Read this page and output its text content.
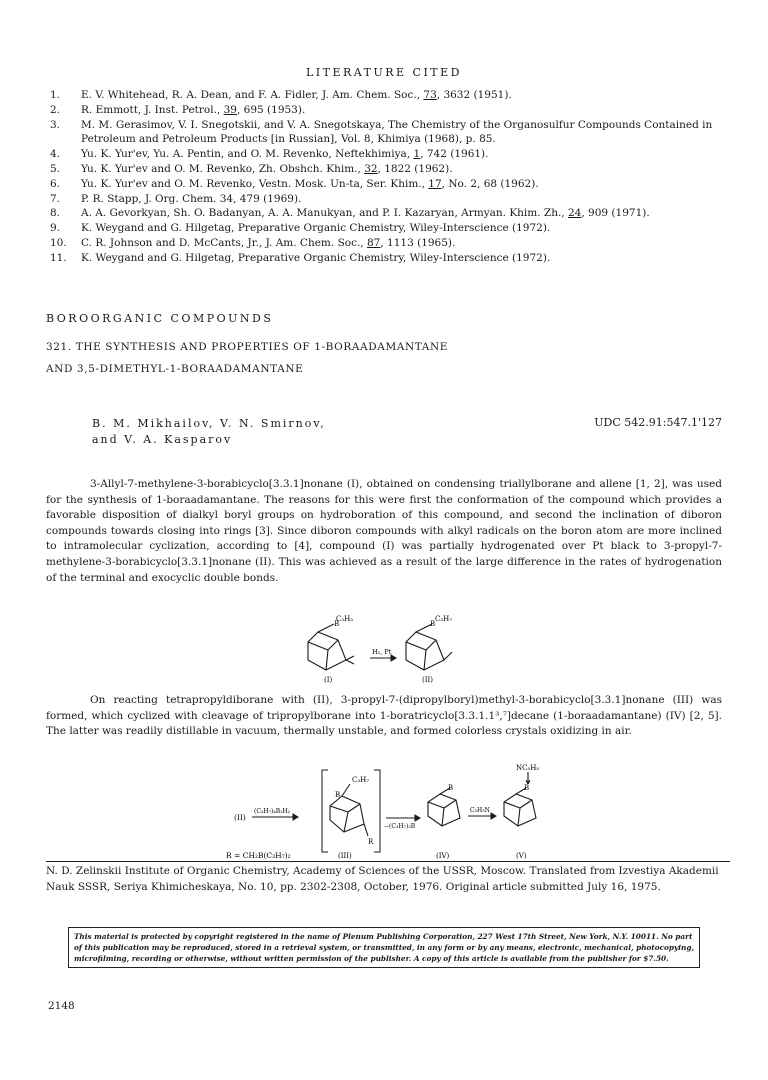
LITERATURE CITED
1.	E. V. Whitehead, R. A. Dean, and F. A. Fidler, J. Am. Chem. Soc., 73, 3632 (1951).
2.	R. Emmott, J. Inst. Petrol., 39, 695 (1953).
3.	M. M. Gerasimov, V. I. Snegotskii, and V. A. Snegotskaya, The Chemistry of the Organosulfur Compounds Contained in Petroleum and Petroleum Products [in Russian], Vol. 8, Khimiya (1968), p. 85.
4.	Yu. K. Yur'ev, Yu. A. Pentin, and O. M. Revenko, Neftekhimiya, 1, 742 (1961).
5.	Yu. K. Yur'ev and O. M. Revenko, Zh. Obshch. Khim., 32, 1822 (1962).
6.	Yu. K. Yur'ev and O. M. Revenko, Vestn. Mosk. Un-ta, Ser. Khim., 17, No. 2, 68 (1962).
7.	P. R. Stapp, J. Org. Chem. 34, 479 (1969).
8.	A. A. Gevorkyan, Sh. O. Badanyan, A. A. Manukyan, and P. I. Kazaryan, Armyan. Khim. Zh., 24, 909 (1971).
9.	K. Weygand and G. Hilgetag, Preparative Organic Chemistry, Wiley-Interscience (1972).
10.	C. R. Johnson and D. McCants, Jr., J. Am. Chem. Soc., 87, 1113 (1965).
11.	K. Weygand and G. Hilgetag, Preparative Organic Chemistry, Wiley-Interscience (1972).
BOROORGANIC COMPOUNDS
321. THE SYNTHESIS AND PROPERTIES OF 1-BORAADAMANTANE
AND 3,5-DIMETHYL-1-BORAADAMANTANE
B. M. Mikhailov, V. N. Smirnov,
and V. A. Kasparov
UDC 542.91:547.1'127
3-Allyl-7-methylene-3-borabicyclo[3.3.1]nonane (I), obtained on condensing triallylborane and allene [1, 2], was used for the synthesis of 1-boraadamantane. The reasons for this were first the conformation of the compound which provides a favorable disposition of dialkyl boryl groups on hydroboration of this compound, and second the inclination of diboron compounds towards closing into rings [3]. Since diboron compounds with alkyl radicals on the boron atom are more inclined to intramolecular cyclization, according to [4], compound (I) was partially hydrogenated over Pt black to 3-propyl-7-methylene-3-borabicyclo[3.3.1]nonane (II). This was achieved as a result of the large difference in the rates of hydrogenation of the terminal and exocyclic double bonds.
B
C₃H₅
H₂, Pt
B
C₃H₇
(I)	(II)
On reacting tetrapropyldiborane with (II), 3-propyl-7-(dipropylboryl)methyl-3-borabicyclo[3.3.1]nonane (III) was formed, which cyclized with cleavage of tripropylborane into 1-boratricyclo[3.3.1.1³,⁷]decane (1-boraadamantane) (IV) [2, 5]. The latter was readily distillable in vacuum, thermally unstable, and formed colorless crystals oxidizing in air.
(II)
(C₃H₇)₄B₂H₂
B
C₃H₇
R
−(C₃H₇)₃B
B
C₅H₅N
B
NC₅H₅
R = CH₂B(C₃H₇)₂	(III)	(IV)	(V)
N. D. Zelinskii Institute of Organic Chemistry, Academy of Sciences of the USSR, Moscow. Translated from Izvestiya Akademii Nauk SSSR, Seriya Khimicheskaya, No. 10, pp. 2302-2308, October, 1976. Original article submitted July 16, 1975.
This material is protected by copyright registered in the name of Plenum Publishing Corporation, 227 West 17th Street, New York, N.Y. 10011. No part of this publication may be reproduced, stored in a retrieval system, or transmitted, in any form or by any means, electronic, mechanical, photocopying, microfilming, recording or otherwise, without written permission of the publisher. A copy of this article is available from the publisher for $7.50.
2148
